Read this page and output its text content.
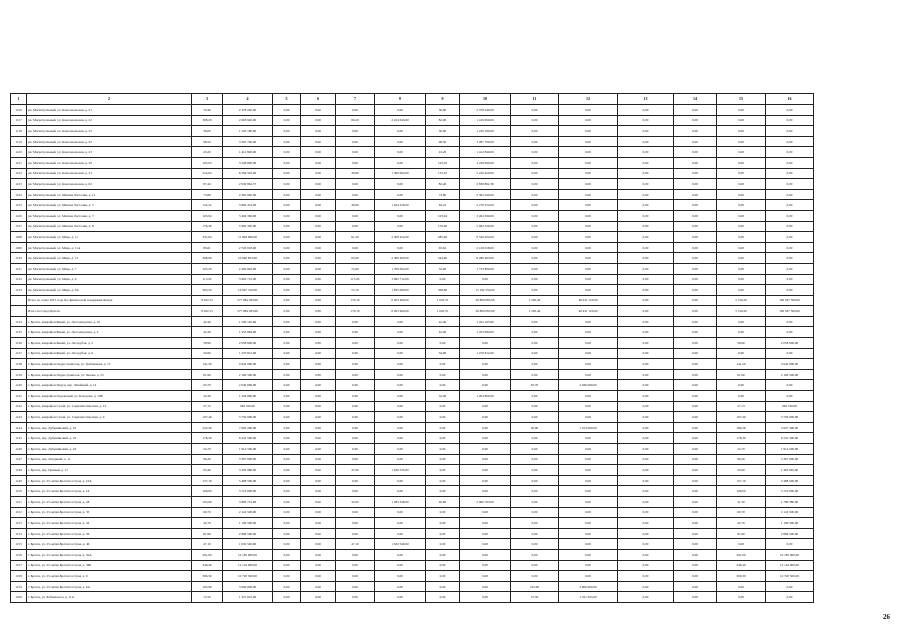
1	2	3	4	5	6	7	8	9	10	11	12	13	14	15	16
1126	рп. Магистральный, ул. Комсомольская, д. 21	70,40	2 378 240,00	0,00	0,00	0,00	0,00	36,00	2 378 240,00	0,00	0,00	0,00	0,00	0,00	0,00
1117	рп. Магистральный, ул. Комсомольская, д. 22	308,20	2 663 940,00	0,00	0,00	66,20	2 224 643,00	82,00	1 419 690,00	0,00	0,00	0,00	0,00	0,00	0,00
1118	рп. Магистральный, ул. Комсомольская, д. 25	36,00	1 220 180,00	0,00	0,00	0,00	0,00	36,00	1 220 180,00	0,00	0,00	0,00	0,00	0,00	0,00
1119	рп. Магистральный, ул. Комсомольская, д. 22	98,50	3 281 700,00	0,00	0,00	0,00	0,00	98,50	3 281 700,00	0,00	0,00	0,00	0,00	0,00	0,00
1120	рп. Магистральный, ул. Комсомольская, д. 23	43,20	1 412 840,00	0,00	0,00	0,00	0,00	43,20	1 412 840,00	0,00	0,00	0,00	0,00	0,00	0,00
1121	рп. Магистральный, ул. Комсомольская, д. 26	105,03	3 228 690,00	0,00	0,00	0,00	0,00	105,03	3 228 690,00	0,00	0,00	0,00	0,00	0,00	0,00
1122	рп. Магистральный, ул. Комсомольская, д. 23	214,04	6 564 502,00	0,00	0,00	39,80	1 360 062,00	155,23	5 220 420,00	0,00	0,00	0,00	0,00	0,00	0,00
1123	рп. Магистральный, ул. Комсомольская, д. 62	87,44	2 930 862,75	0,00	0,00	0,00	0,00	82,40	2 830 862,36	0,00	0,00	0,00	0,00	0,00	0,00
1124	рп. Магистральный, ул. Милана Ласточки, д. 15	73,86	2 362 040,00	0,00	0,00	0,00	0,00	73,80	2 362 040,00	0,00	0,00	0,00	0,00	0,00	0,00
1125	рп. Магистральный, ул. Милана Ласточки, д. 5	122,22	3 894 474,00	0,00	0,00	36,00	1 624 220,00	64,22	2 270 254,00	0,00	0,00	0,00	0,00	0,00	0,00
1126	рп. Магистральный, ул. Милана Ласточки, д. 7	103,94	3 494 360,00	0,00	0,00	0,00	0,00	103,94	3 494 360,00	0,00	0,00	0,00	0,00	0,00	0,00
1127	рп. Магистральный, ул. Милана Ласточки, д. 8	176,40	5 962 320,00	0,00	0,00	0,00	0,00	176,40	5 962 320,00	0,00	0,00	0,00	0,00	0,00	0,00
1028	рп. Магистральный, ул. Мира, д. 11	331,64	11 828 696,00	0,00	0,00	61,20	2 308 452,00	285,49	9 520 204,00	0,00	0,00	0,00	0,00	0,00	0,00
1029	рп. Магистральный, ул. Мира, д. 11А	83,61	2 720 018,00	0,00	0,00	0,00	0,00	65,62	2 120 018,00	0,00	0,00	0,00	0,00	0,00	0,00
1130	рп. Магистральный, ул. Мира, д. 13	308,90	10 640 853,00	0,00	0,00	65,00	2 360 400,00	244,90	8 280 463,00	0,00	0,00	0,00	0,00	0,00	0,00
1131	рп. Магистральный, ул. Мира, д. 7	105,20	2 492 692,00	0,00	0,00	72,60	1 769 092,00	32,60	1 723 800,00	0,00	0,00	0,00	0,00	0,00	0,00
1132	рп. Магистральный, ул. Мира, д. 9	115,20	3 962 712,00	0,00	0,00	115,20	3 962 712,00	0,00	0,00	0,00	0,00	0,00	0,00	0,00	0,00
1133	рп. Магистральный, ул. Мира, д. 9А	563,50	16 997 310,00	0,00	0,00	55,70	1 835 060,00	508,80	15 182 250,00	0,00	0,00	0,00	0,00	0,00	0,00
	Всего по этапу 2015 года без финансовой поддержки Фонда	8 022,15	277 084 283,66	0,00	0,00	170,10	6 203 460,00	1 045,55	36 860 083,66	1 265,40	48 431 120,00	0,00	0,00	5 316,20	185 567 500,00
	Итого по Город Братск	8 022,15	277 084 283,66	0,00	0,00	170,10	6 203 460,00	1 045,55	36 860 083,66	1 265,40	48 431 120,00	0,00	0,00	5 316,20	185 567 500,00
1134	г. Братск, жилрайон Бикей, ул. Лесозаводская, д. 10	42,40	1 500 165,60	0,00	0,00	0,00	0,00	42,40	1 452 165,60	0,00	0,00	0,00	0,00	0,00	0,00
1135	г. Братск, жилрайон Бикей, ул. Лесозаводская, д. 4	42,40	1 453 984,00	0,00	0,00	0,00	0,00	42,40	1 453 984,00	0,00	0,00	0,00	0,00	0,00	0,00
1136	г. Братск, жилрайон Бикей, ул. Лесорубов, д. 5	58,90	2 058 600,00	0,00	0,00	0,00	0,00	0,00	0,00	0,00	0,00	0,00	0,00	58,90	2 058 600,00
1137	г. Братск, жилрайон Бикей, ул. Лесорубов, д. 6	34,90	1 270 812,00	0,00	0,00	0,00	0,00	34,90	1 270 812,00	0,00	0,00	0,00	0,00	0,00	0,00
1138	г. Братск, жилрайон Гидростроитель, ул. Гребешкова, д. 15	141,20	4 942 000,00	0,00	0,00	0,00	0,00	0,00	0,00	0,00	0,00	0,00	0,00	141,20	4 942 000,00
1139	г. Братск, жилрайон Гидростроитель, ул. Чехова, д. 25	61,90	2 166 500,00	0,00	0,00	0,00	0,00	0,00	0,00	0,00	0,00	0,00	0,00	61,90	2 166 500,00
1140	г. Братск, жилрайон Падун, пер. Литейный, д. 14	63,70	2 040 060,00	0,00	0,00	0,00	0,00	0,00	0,00	63,70	2 040 060,00	0,00	0,00	0,00	0,00
1141	г. Братск, жилрайон Порожский, ул. Кочурова, д. 14В	32,40	1 204 860,00	0,00	0,00	0,00	0,00	32,40	1 204 860,00	0,00	0,00	0,00	0,00	0,00	0,00
1142	г. Братск, жилрайон Сухой, ул. Социалистическая, д. 13	27,13	949 550,00	0,00	0,00	0,00	0,00	0,00	0,00	0,00	0,00	0,00	0,00	27,13	949 550,00
1143	г. Братск, жилрайон Сухой, ул. Социалистическая, д. 9	107,40	3 759 000,00	0,00	0,00	0,00	0,00	0,00	0,00	0,00	0,00	0,00	0,00	107,40	3 759 000,00
1144	г. Братск, пер. Дубынинский, д. 16	222,40	7 663 200,00	0,00	0,00	0,00	0,00	0,00	0,00	36,90	1 254 000,00	0,00	0,00	186,28	5 627 300,00
1145	г. Братск, пер. Дубынинский, д. 22	178,30	6 241 500,00	0,00	0,00	0,00	0,00	0,00	0,00	0,00	0,00	0,00	0,00	178,30	6 241 500,00
1146	г. Братск, пер. Дубынинский, д. 24	54,70	1 914 500,00	0,00	0,00	0,00	0,00	0,00	0,00	0,00	0,00	0,00	0,00	54,70	1 914 500,00
1147	г. Братск, пер. Лазурный, д. 11	96,20	3 367 000,00	0,00	0,00	0,00	0,00	0,00	0,00	0,00	0,00	0,00	0,00	96,20	3 367 000,00
1148	г. Братск, пер. Ценный, д. 17	93,40	3 202 980,00	0,00	0,00	47,90	1 639 535,00	0,00	0,00	0,00	0,00	0,00	0,00	45,00	1 463 665,00
1149	г. Братск, ул. 25-летия Братскгэсстроя, д. 10А	157,10	5 498 500,00	0,00	0,00	0,00	0,00	0,00	0,00	0,00	0,00	0,00	0,00	157,10	5 498 500,00
1150	г. Братск, ул. 25-летия Братскгэсстроя, д. 16	106,00	3 710 000,00	0,00	0,00	0,00	0,00	0,00	0,00	0,00	0,00	0,00	0,00	106,00	3 710 000,00
1151	г. Братск, ул. 25-летия Братскгэсстроя, д. 28	103,90	3 883 753,00	0,00	0,00	32,00	1 283 348,00	40,60	2 060 763,00	0,00	0,00	0,00	0,00	31,30	1 789 380,00
1152	г. Братск, ул. 25-летия Братскгэсстроя, д. 35	60,70	2 124 500,00	0,00	0,00	0,00	0,00	0,00	0,00	0,00	0,00	0,00	0,00	60,70	2 124 500,00
1153	г. Братск, ул. 25-летия Братскгэсстроя, д. 32	42,70	1 199 500,00	0,00	0,00	0,00	0,00	0,00	0,00	0,00	0,00	0,00	0,00	42,70	1 199 500,00
1154	г. Братск, ул. 25-летия Братскгэсстроя, д. 36	81,90	2 866 500,00	0,00	0,00	0,00	0,00	0,00	0,00	0,00	0,00	0,00	0,00	81,90	2 866 500,00
1155	г. Братск, ул. 25-летия Братскгэсстроя, д. 46	47,10	1 632 540,00	0,00	0,00	47,10	1 632 540,00	0,00	0,00	0,00	0,00	0,00	0,00	0,00	0,00
1156	г. Братск, ул. 25-летия Братскгэсстроя, д. 50А	291,00	10 185 000,00	0,00	0,00	0,00	0,00	0,00	0,00	0,00	0,00	0,00	0,00	291,00	10 185 000,00
1157	г. Братск, ул. 25-летия Братскгэсстроя, д. 56Б	346,40	12 124 000,00	0,00	0,00	0,00	0,00	0,00	0,00	0,00	0,00	0,00	0,00	346,40	12 124 000,00
1158	г. Братск, ул. 25-летия Братскгэсстроя, д. 6	306,30	10 720 500,00	0,00	0,00	0,00	0,00	0,00	0,00	0,00	0,00	0,00	0,00	306,30	10 720 500,00
1159	г. Братск, ул. 25-летия Братскгэсстроя, д. 6А	105,90	3 600 000,00	0,00	0,00	0,00	0,00	0,00	0,00	105,90	3 600 000,00	0,00	0,00	0,00	0,00
1160	г. Братск, ул. Бабаевского, д. 11А	72,50	1 321 625,00	0,00	0,00	0,00	0,00	0,00	0,00	72,50	1 321 625,00	0,00	0,00	0,00	0,00
26
